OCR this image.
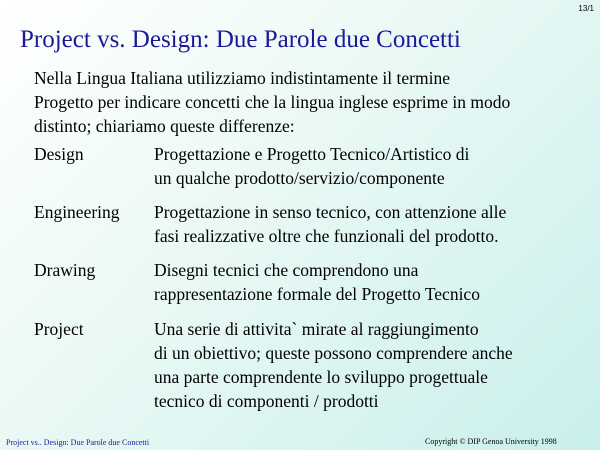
13/1
Project vs. Design: Due Parole due Concetti
Nella Lingua Italiana utilizziamo indistintamente il termine
Progetto per indicare concetti che la lingua inglese esprime in modo
distinto; chiariamo queste differenze:
Design	Progettazione e Progetto Tecnico/Artistico di
un qualche prodotto/servizio/componente
Engineering Progettazione in senso tecnico, con attenzione alle
fasi realizzative oltre che funzionali del prodotto.
Drawing	Disegni tecnici che comprendono una
rappresentazione formale del Progetto Tecnico
Project	Una serie di attivita` mirate al raggiungimento
di un obiettivo; queste possono comprendere anche
una parte comprendente lo sviluppo progettuale
tecnico di componenti / prodotti
Project vs.. Design: Due Parole due Concetti	Copyright © DIP Genoa University 1998
